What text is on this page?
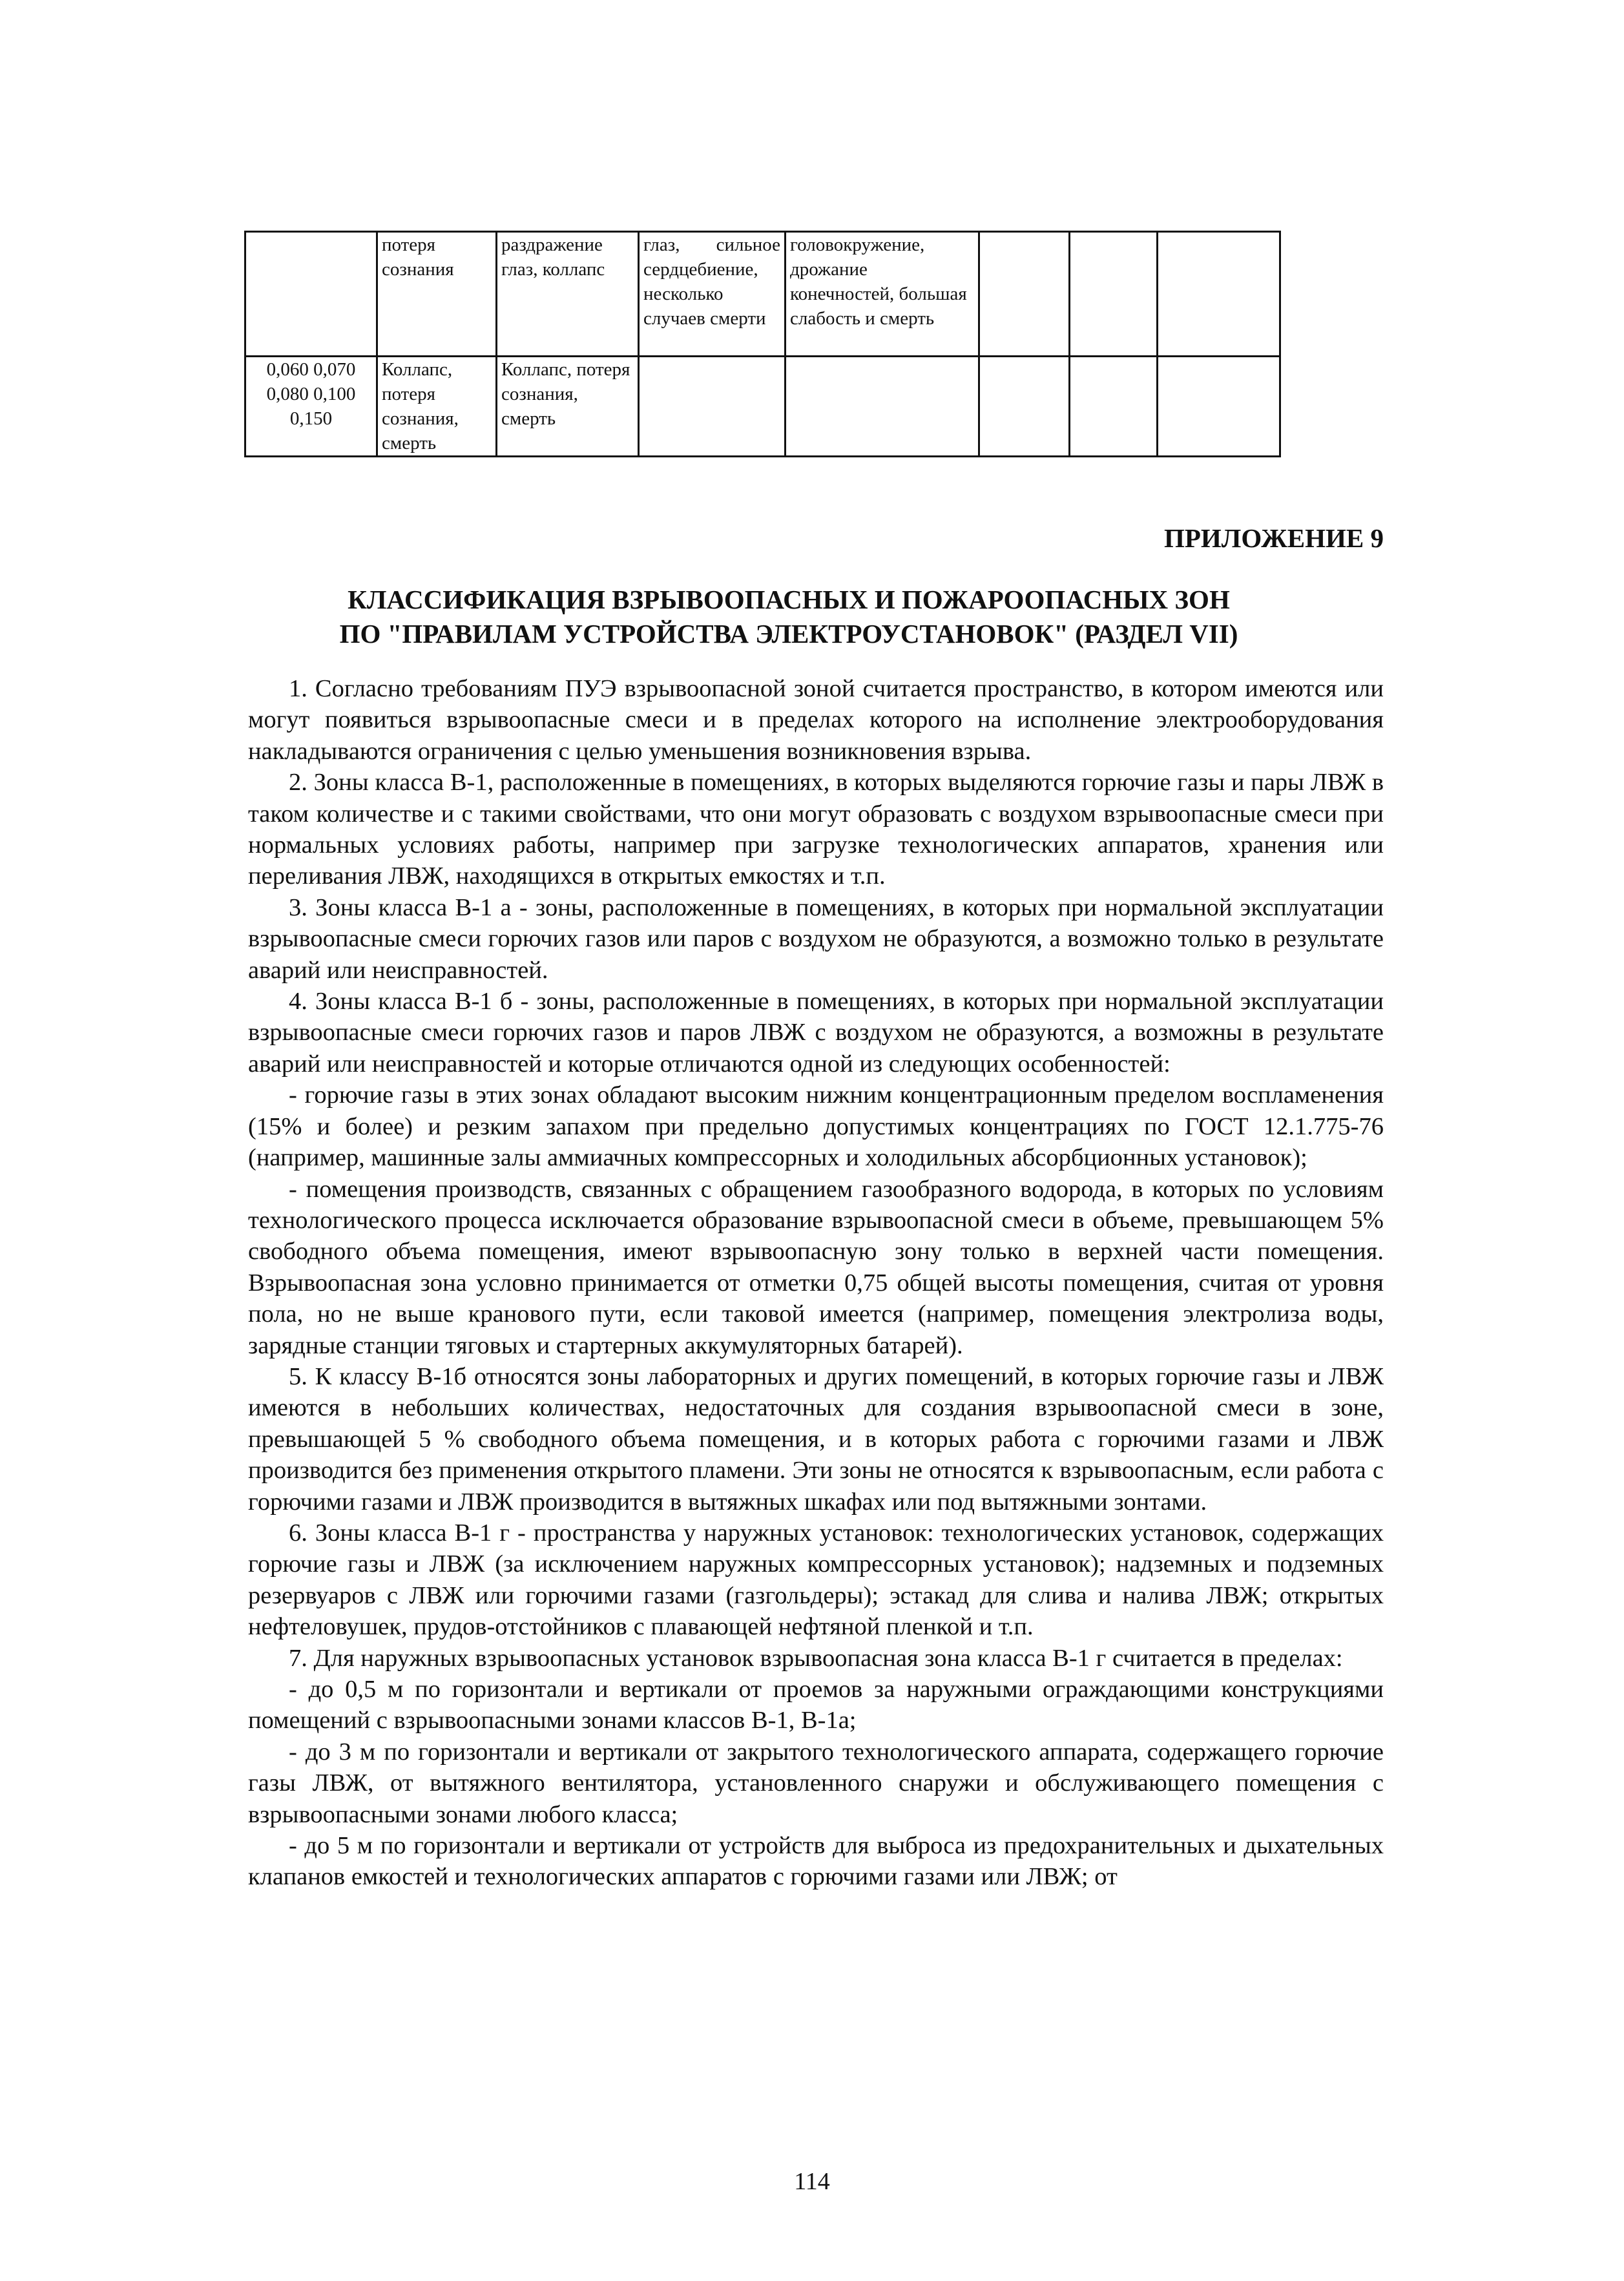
	потеря сознания	раздражение глаз, коллапс	глаз, сильное сердцебиение, несколько случаев смерти	головокружение, дрожание конечностей, большая слабость и смерть			
0,060 0,070 0,080 0,100 0,150	Коллапс, потеря сознания, смерть	Коллапс, потеря сознания, смерть					
ПРИЛОЖЕНИЕ 9
КЛАССИФИКАЦИЯ ВЗРЫВООПАСНЫХ И ПОЖАРООПАСНЫХ ЗОН
ПО "ПРАВИЛАМ УСТРОЙСТВА ЭЛЕКТРОУСТАНОВОК" (РАЗДЕЛ VII)

1. Согласно требованиям ПУЭ взрывоопасной зоной считается пространство, в котором имеются или могут появиться взрывоопасные смеси и в пределах которого на исполнение электрооборудования накладываются ограничения с целью уменьшения возникновения взрыва.

2. Зоны класса В-1, расположенные в помещениях, в которых выделяются горючие газы и пары ЛВЖ в таком количестве и с такими свойствами, что они могут образовать с воздухом взрывоопасные смеси при нормальных условиях работы, например при загрузке технологических аппаратов, хранения или переливания ЛВЖ, находящихся в открытых емкостях и т.п.

3. Зоны класса В-1 а - зоны, расположенные в помещениях, в которых при нормальной эксплуатации взрывоопасные смеси горючих газов или паров с воздухом не образуются, а возможно только в результате аварий или неисправностей.

4. Зоны класса В-1 б - зоны, расположенные в помещениях, в которых при нормальной эксплуатации взрывоопасные смеси горючих газов и паров ЛВЖ с воздухом не образуются, а возможны в результате аварий или неисправностей и которые отличаются одной из следующих особенностей:

- горючие газы в этих зонах обладают высоким нижним концентрационным пределом воспламенения (15% и более) и резким запахом при предельно допустимых концентрациях по ГОСТ 12.1.775-76 (например, машинные залы аммиачных компрессорных и холодильных абсорбционных установок);

- помещения производств, связанных с обращением газообразного водорода, в которых по условиям технологического процесса исключается образование взрывоопасной смеси в объеме, превышающем 5% свободного объема помещения, имеют взрывоопасную зону только в верхней части помещения. Взрывоопасная зона условно принимается от отметки 0,75 общей высоты помещения, считая от уровня пола, но не выше кранового пути, если таковой имеется (например, помещения электролиза воды, зарядные станции тяговых и стартерных аккумуляторных батарей).

5. К классу В-1б относятся зоны лабораторных и других помещений, в которых горючие газы и ЛВЖ имеются в небольших количествах, недостаточных для создания взрывоопасной смеси в зоне, превышающей 5 % свободного объема помещения, и в которых работа с горючими газами и ЛВЖ производится без применения открытого пламени. Эти зоны не относятся к взрывоопасным, если работа с горючими газами и ЛВЖ производится в вытяжных шкафах или под вытяжными зонтами.

6. Зоны класса В-1 г - пространства у наружных установок: технологических установок, содержащих горючие газы и ЛВЖ (за исключением наружных компрессорных установок); надземных и подземных резервуаров с ЛВЖ или горючими газами (газгольдеры); эстакад для слива и налива ЛВЖ; открытых нефтеловушек, прудов-отстойников с плавающей нефтяной пленкой и т.п.

7. Для наружных взрывоопасных установок взрывоопасная зона класса В-1 г считается в пределах:

- до 0,5 м по горизонтали и вертикали от проемов за наружными ограждающими конструкциями помещений с взрывоопасными зонами классов В-1, В-1а;

- до 3 м по горизонтали и вертикали от закрытого технологического аппарата, содержащего горючие газы ЛВЖ, от вытяжного вентилятора, установленного снаружи и обслуживающего помещения с взрывоопасными зонами любого класса;

- до 5 м по горизонтали и вертикали от устройств для выброса из предохранительных и дыхательных клапанов емкостей и технологических аппаратов с горючими газами или ЛВЖ; от

114
